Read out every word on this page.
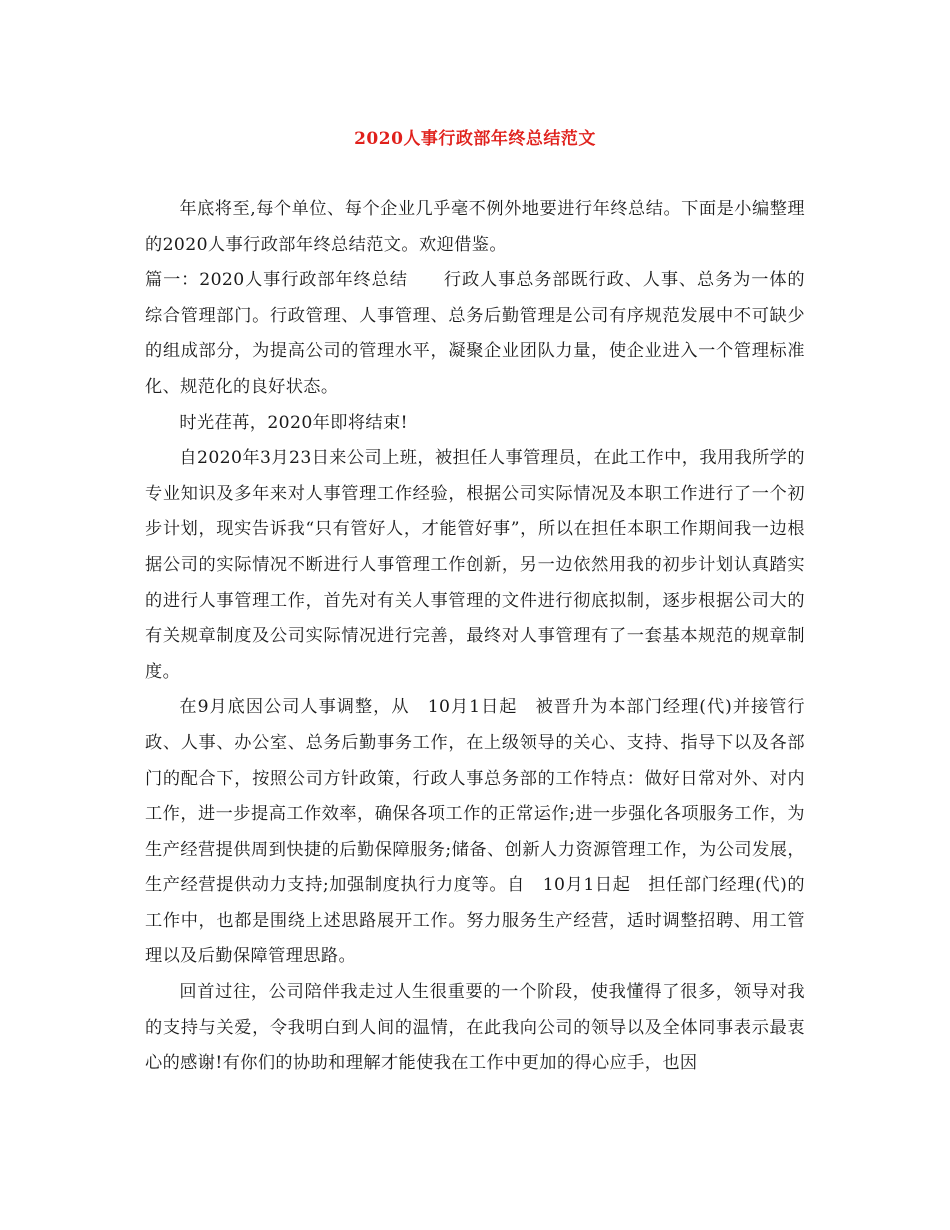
2020人事行政部年终总结范文

年底将至,每个单位、每个企业几乎毫不例外地要进行年终总结。下面是小编整理的2020人事行政部年终总结范文。欢迎借鉴。

篇一：2020人事行政部年终总结　　行政人事总务部既行政、人事、总务为一体的综合管理部门。行政管理、人事管理、总务后勤管理是公司有序规范发展中不可缺少的组成部分，为提高公司的管理水平，凝聚企业团队力量，使企业进入一个管理标准化、规范化的良好状态。

时光荏苒，2020年即将结束!

自2020年3月23日来公司上班，被担任人事管理员，在此工作中，我用我所学的专业知识及多年来对人事管理工作经验，根据公司实际情况及本职工作进行了一个初步计划，现实告诉我“只有管好人，才能管好事”，所以在担任本职工作期间我一边根据公司的实际情况不断进行人事管理工作创新，另一边依然用我的初步计划认真踏实的进行人事管理工作，首先对有关人事管理的文件进行彻底拟制，逐步根据公司大的有关规章制度及公司实际情况进行完善，最终对人事管理有了一套基本规范的规章制度。

在9月底因公司人事调整，从　10月1日起　被晋升为本部门经理(代)并接管行政、人事、办公室、总务后勤事务工作，在上级领导的关心、支持、指导下以及各部门的配合下，按照公司方针政策，行政人事总务部的工作特点：做好日常对外、对内工作，进一步提高工作效率，确保各项工作的正常运作;进一步强化各项服务工作，为生产经营提供周到快捷的后勤保障服务;储备、创新人力资源管理工作，为公司发展，生产经营提供动力支持;加强制度执行力度等。自　10月1日起　担任部门经理(代)的工作中，也都是围绕上述思路展开工作。努力服务生产经营，适时调整招聘、用工管理以及后勤保障管理思路。

回首过往，公司陪伴我走过人生很重要的一个阶段，使我懂得了很多，领导对我的支持与关爱，令我明白到人间的温情，在此我向公司的领导以及全体同事表示最衷心的感谢!有你们的协助和理解才能使我在工作中更加的得心应手，也因
